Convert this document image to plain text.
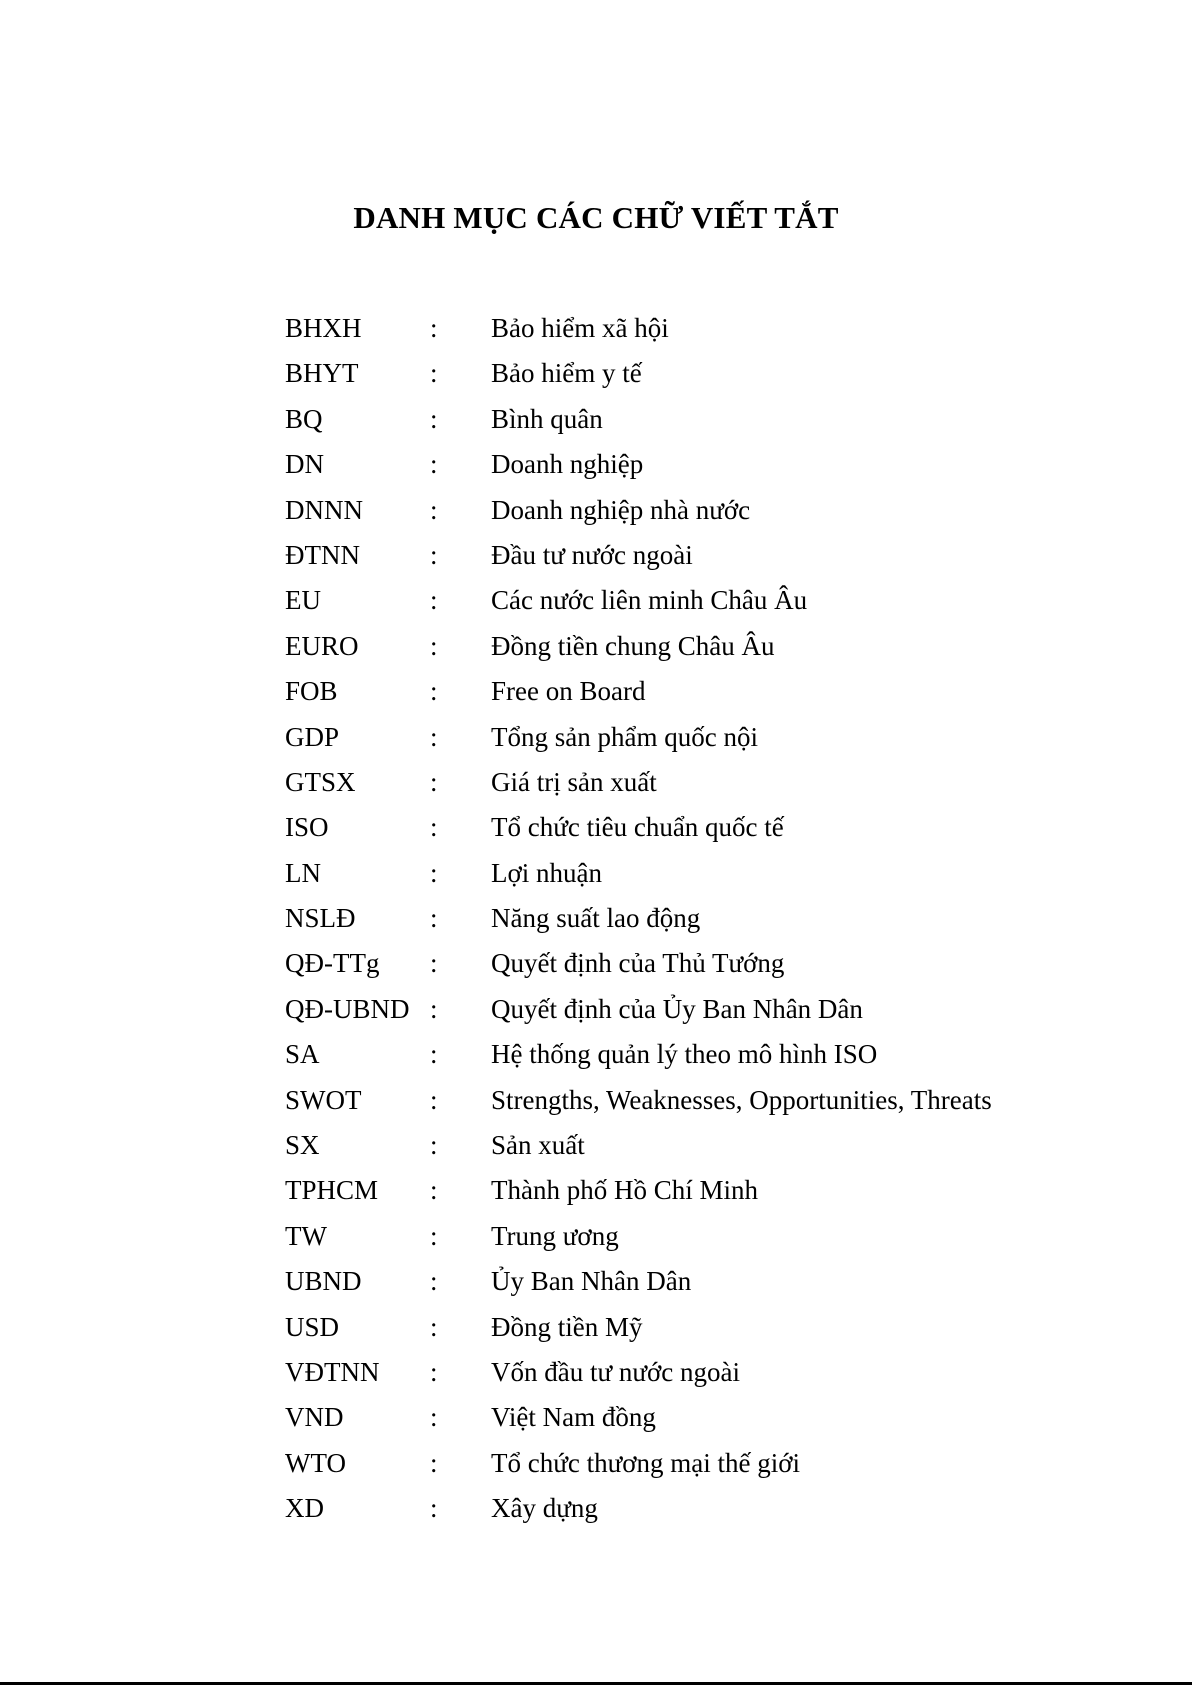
DANH MỤC CÁC CHỮ VIẾT TẮT
BHXH	: Bảo hiểm xã hội
BHYT	: Bảo hiểm y tế
BQ	: Bình quân
DN	: Doanh nghiệp
DNNN : Doanh nghiệp nhà nước
ĐTNN	: Đầu tư nước ngoài
EU	: Các nước liên minh Châu Âu
EURO	: Đồng tiền chung Châu Âu
FOB	: Free on Board
GDP	: Tổng sản phẩm quốc nội
GTSX	: Giá trị sản xuất
ISO	: Tổ chức tiêu chuẩn quốc tế
LN	: Lợi nhuận
NSLĐ	: Năng suất lao động
QĐ-TTg : Quyết định của Thủ Tướng
QĐ-UBND : Quyết định của Ủy Ban Nhân Dân
SA	: Hệ thống quản lý theo mô hình ISO
SWOT	: Strengths, Weaknesses, Opportunities, Threats
SX	: Sản xuất
TPHCM : Thành phố Hồ Chí Minh
TW	: Trung ương
UBND	: Ủy Ban Nhân Dân
USD	: Đồng tiền Mỹ
VĐTNN : Vốn đầu tư nước ngoài
VND	: Việt Nam đồng
WTO	: Tổ chức thương mại thế giới
XD	: Xây dựng
